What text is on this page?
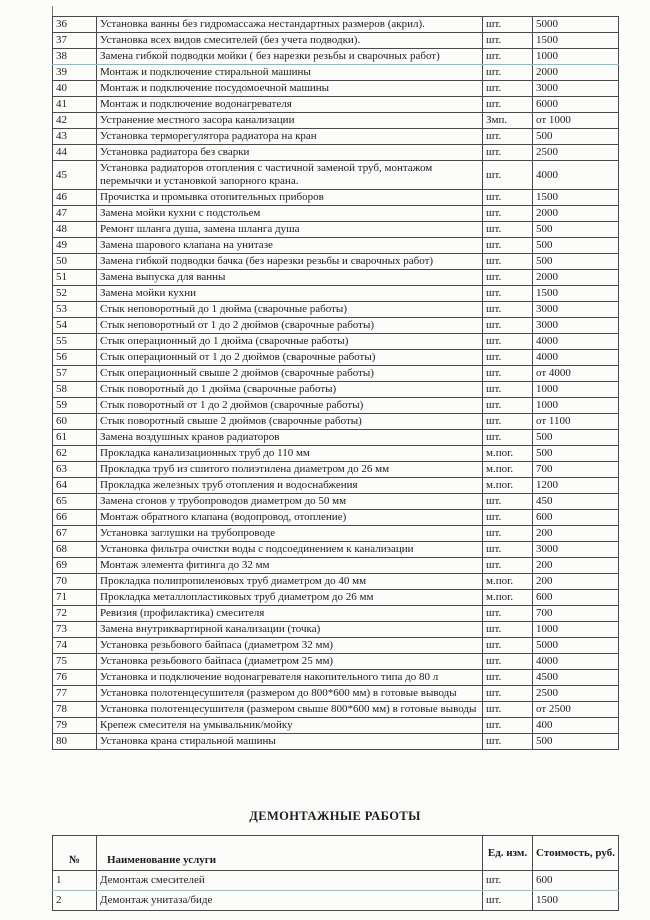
36	Установка ванны без гидромассажа нестандартных размеров (акрил).	шт.	5000
37	Установка всех видов смесителей (без учета подводки).	шт.	1500
38	Замена гибкой подводки мойки ( без нарезки резьбы и сварочных работ)	шт.	1000
39	Монтаж и подключение стиральной машины	шт.	2000
40	Монтаж и подключение посудомоечной машины	шт.	3000
41	Монтаж и подключение водонагревателя	шт.	6000
42	Устранение местного засора канализации	Змп.	от 1000
43	Установка терморегулятора радиатора на кран	шт.	500
44	Установка радиатора без сварки	шт.	2500
45	Установка радиаторов отопления с частичной заменой труб, монтажом перемычки и установкой запорного крана.	шт.	4000
46	Прочистка и промывка отопительных приборов	шт.	1500
47	Замена мойки кухни с подстольем	шт.	2000
48	Ремонт шланга душа, замена шланга душа	шт.	500
49	Замена шарового клапана на унитазе	шт.	500
50	Замена гибкой подводки бачка (без нарезки резьбы и сварочных работ)	шт.	500
51	Замена выпуска для ванны	шт.	2000
52	Замена мойки кухни	шт.	1500
53	Стык неповоротный до 1 дюйма (сварочные работы)	шт.	3000
54	Стык неповоротный от 1 до 2 дюймов (сварочные работы)	шт.	3000
55	Стык операционный до 1 дюйма (сварочные работы)	шт.	4000
56	Стык операционный от 1 до 2 дюймов (сварочные работы)	шт.	4000
57	Стык операционный свыше 2 дюймов (сварочные работы)	шт.	от 4000
58	Стык поворотный до 1 дюйма (сварочные работы)	шт.	1000
59	Стык поворотный от 1 до 2 дюймов (сварочные работы)	шт.	1000
60	Стык поворотный свыше 2 дюймов (сварочные работы)	шт.	от 1100
61	Замена воздушных кранов радиаторов	шт.	500
62	Прокладка канализационных труб до 110 мм	м.пог.	500
63	Прокладка труб из сшитого полиэтилена диаметром до 26 мм	м.пог.	700
64	Прокладка железных труб отопления и водоснабжения	м.пог.	1200
65	Замена сгонов у трубопроводов диаметром до 50 мм	шт.	450
66	Монтаж обратного клапана (водопровод, отопление)	шт.	600
67	Установка заглушки на трубопроводе	шт.	200
68	Установка фильтра очистки воды с подсоединением к канализации	шт.	3000
69	Монтаж элемента фитинга до 32 мм	шт.	200
70	Прокладка полипропиленовых труб диаметром до 40 мм	м.пог.	200
71	Прокладка металлопластиковых труб диаметром до 26 мм	м.пог.	600
72	Ревизия (профилактика) смесителя	шт.	700
73	Замена внутриквартирной канализации (точка)	шт.	1000
74	Установка резьбового байпаса (диаметром 32 мм)	шт.	5000
75	Установка резьбового байпаса (диаметром 25 мм)	шт.	4000
76	Установка и подключение водонагревателя накопительного типа до 80 л	шт.	4500
77	Установка полотенцесушителя (размером до 800*600 мм) в готовые выводы	шт.	2500
78	Установка полотенцесушителя (размером свыше 800*600 мм) в готовые выводы	шт.	от 2500
79	Крепеж смесителя на умывальник/мойку	шт.	400
80	Установка крана стиральной машины	шт.	500
ДЕМОНТАЖНЫЕ РАБОТЫ
№	Наименование услуги	Ед. изм.	Стоимость, руб.
1	Демонтаж смесителей	шт.	600
2	Демонтаж унитаза/биде	шт.	1500
